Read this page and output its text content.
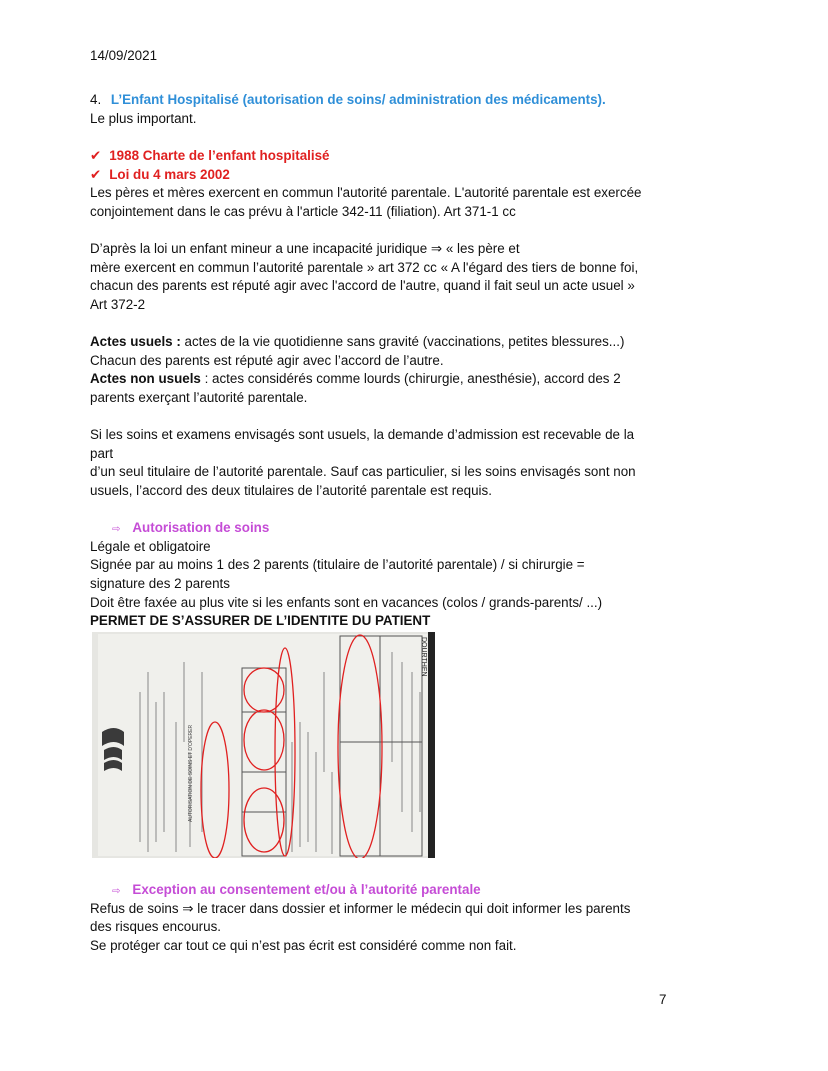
14/09/2021
4. L’Enfant Hospitalisé (autorisation de soins/ administration des médicaments).
Le plus important.
✔ 1988 Charte de l’enfant hospitalisé
✔ Loi du 4 mars 2002
Les pères et mères exercent en commun l'autorité parentale. L'autorité parentale est exercée
conjointement dans le cas prévu à l'article 342-11 (filiation). Art 371-1 cc
D’après la loi un enfant mineur a une incapacité juridique ⇒ « les père et
mère exercent en commun l’autorité parentale » art 372 cc « A l'égard des tiers de bonne foi,
chacun des parents est réputé agir avec l'accord de l'autre, quand il fait seul un acte usuel »
Art 372-2
Actes usuels : actes de la vie quotidienne sans gravité (vaccinations, petites blessures...)
Chacun des parents est réputé agir avec l’accord de l’autre.
Actes non usuels : actes considérés comme lourds (chirurgie, anesthésie), accord des 2
parents exerçant l’autorité parentale.
Si les soins et examens envisagés sont usuels, la demande d’admission est recevable de la
part
d’un seul titulaire de l’autorité parentale. Sauf cas particulier, si les soins envisagés sont non
usuels, l’accord des deux titulaires de l’autorité parentale est requis.
⇨ Autorisation de soins
Légale et obligatoire
Signée par au moins 1 des 2 parents (titulaire de l’autorité parentale) / si chirurgie =
signature des 2 parents
Doit être faxée au plus vite si les enfants sont en vacances (colos / grands-parents/ ...)
PERMET DE S’ASSURER DE L’IDENTITE DU PATIENT
DOURTHEN
AUTORISATION DE SOINS ET D'OPERER
⇨ Exception au consentement et/ou à l’autorité parentale
Refus de soins ⇒ le tracer dans dossier et informer le médecin qui doit informer les parents
des risques encourus.
Se protéger car tout ce qui n’est pas écrit est considéré comme non fait.
7
